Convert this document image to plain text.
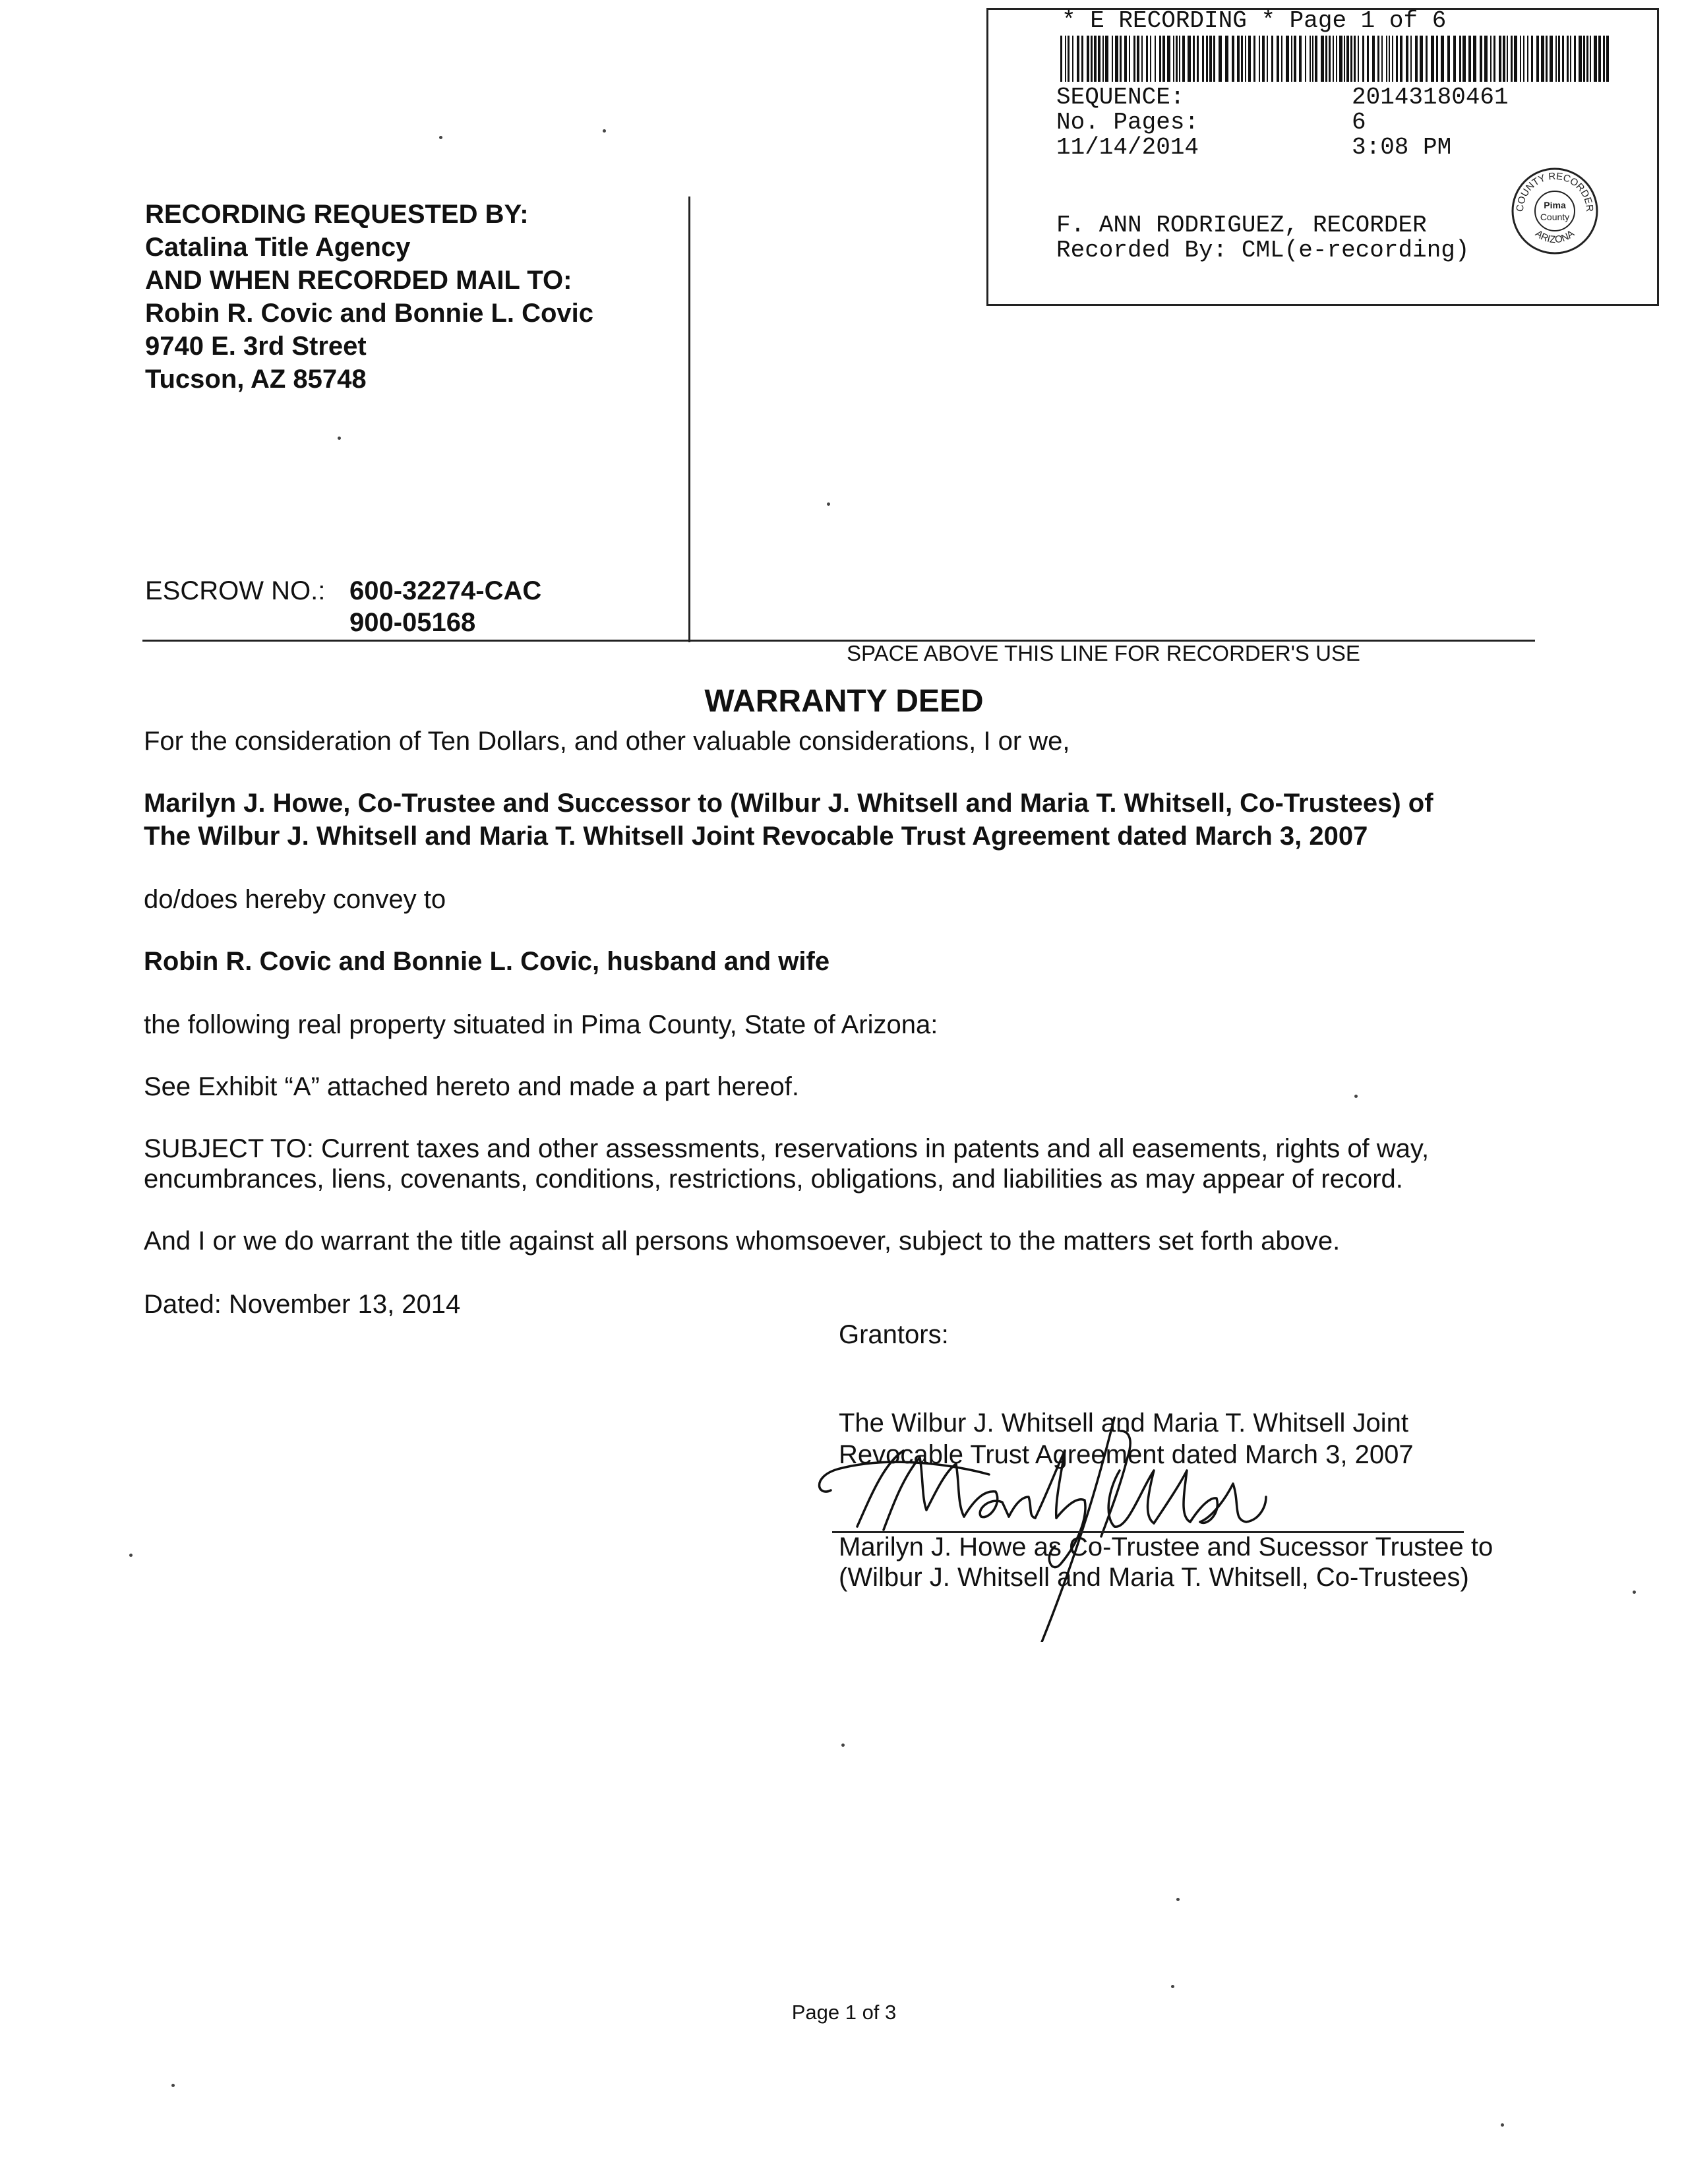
* E RECORDING * Page 1 of 6
SEQUENCE:	20143180461
No. Pages:	6
11/14/2014	3:08 PM
F. ANN RODRIGUEZ, RECORDER
Recorded By: CML(e-recording)
COUNTY RECORDER
ARIZONA
Pima
County
RECORDING REQUESTED BY:
Catalina Title Agency
AND WHEN RECORDED MAIL TO:
Robin R. Covic and Bonnie L. Covic
9740 E. 3rd Street
Tucson, AZ 85748
ESCROW NO.: 600-32274-CAC
900-05168
SPACE ABOVE THIS LINE FOR RECORDER'S USE
WARRANTY DEED
For the consideration of Ten Dollars, and other valuable considerations, I or we,
Marilyn J. Howe, Co-Trustee and Successor to (Wilbur J. Whitsell and Maria T. Whitsell, Co-Trustees) of
The Wilbur J. Whitsell and Maria T. Whitsell Joint Revocable Trust Agreement dated March 3, 2007
do/does hereby convey to
Robin R. Covic and Bonnie L. Covic, husband and wife
the following real property situated in Pima County, State of Arizona:
See Exhibit “A” attached hereto and made a part hereof.
SUBJECT TO: Current taxes and other assessments, reservations in patents and all easements, rights of way,
encumbrances, liens, covenants, conditions, restrictions, obligations, and liabilities as may appear of record.
And I or we do warrant the title against all persons whomsoever, subject to the matters set forth above.
Dated: November 13, 2014
Grantors:
The Wilbur J. Whitsell and Maria T. Whitsell Joint
Revocable Trust Agreement dated March 3, 2007
Marilyn J. Howe as Co-Trustee and Sucessor Trustee to
(Wilbur J. Whitsell and Maria T. Whitsell, Co-Trustees)
Page 1 of 3
